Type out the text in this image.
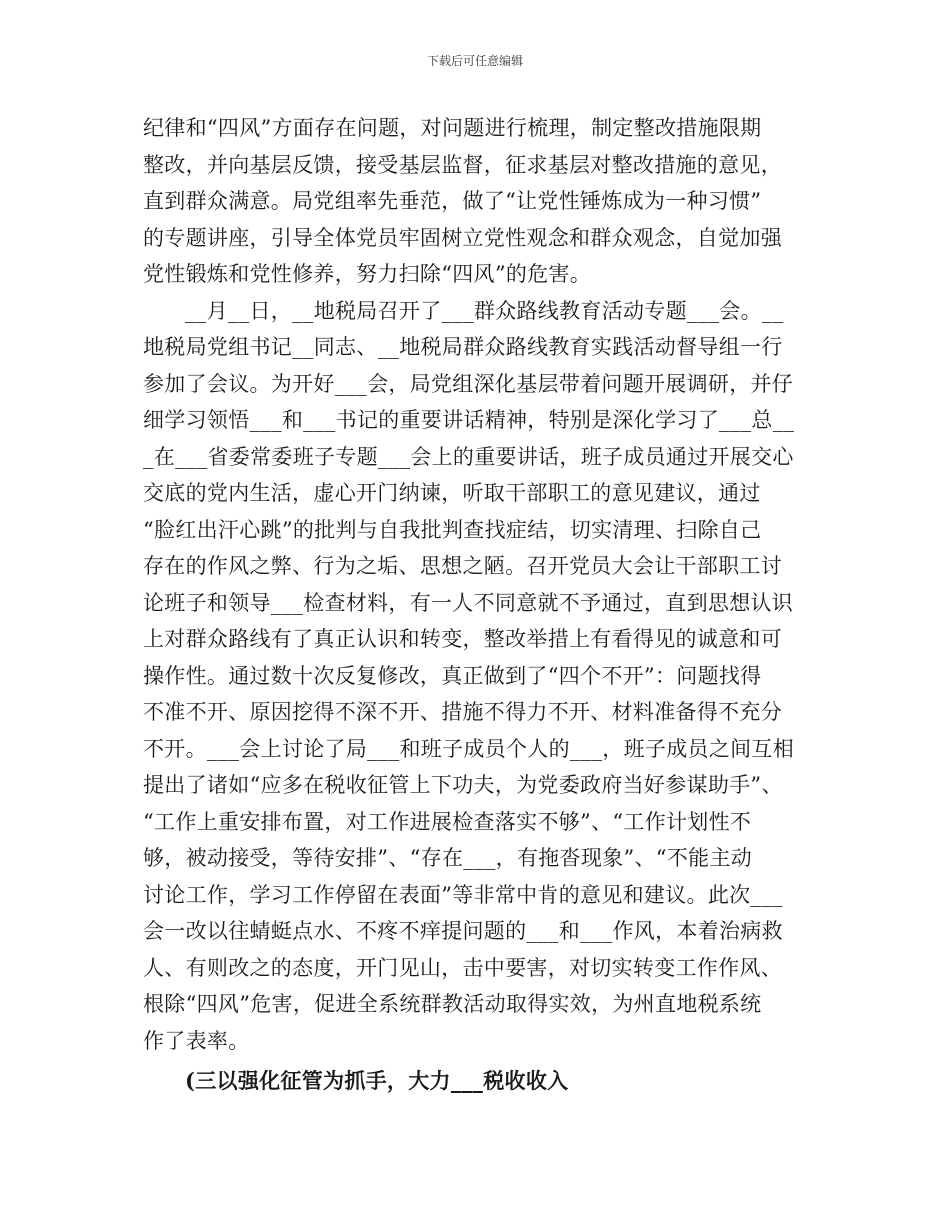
下载后可任意编辑
纪律和“四风”方面存在问题，对问题进行梳理，制定整改措施限期
整改，并向基层反馈，接受基层监督，征求基层对整改措施的意见，
直到群众满意。局党组率先垂范，做了“让党性锤炼成为一种习惯”
的专题讲座，引导全体党员牢固树立党性观念和群众观念，自觉加强
党性锻炼和党性修养，努力扫除“四风”的危害。
__月__日，__地税局召开了___群众路线教育活动专题___会。__
地税局党组书记__同志、__地税局群众路线教育实践活动督导组一行
参加了会议。为开好___会，局党组深化基层带着问题开展调研，并仔
细学习领悟___和___书记的重要讲话精神，特别是深化学习了___总__
_在___省委常委班子专题___会上的重要讲话，班子成员通过开展交心
交底的党内生活，虚心开门纳谏，听取干部职工的意见建议，通过
“脸红出汗心跳”的批判与自我批判查找症结，切实清理、扫除自己
存在的作风之弊、行为之垢、思想之陋。召开党员大会让干部职工讨
论班子和领导___检查材料，有一人不同意就不予通过，直到思想认识
上对群众路线有了真正认识和转变，整改举措上有看得见的诚意和可
操作性。通过数十次反复修改，真正做到了“四个不开”：问题找得
不准不开、原因挖得不深不开、措施不得力不开、材料准备得不充分
不开。___会上讨论了局___和班子成员个人的___，班子成员之间互相
提出了诸如“应多在税收征管上下功夫，为党委政府当好参谋助手”、
“工作上重安排布置，对工作进展检查落实不够”、“工作计划性不
够，被动接受，等待安排”、“存在___，有拖沓现象”、“不能主动
讨论工作，学习工作停留在表面”等非常中肯的意见和建议。此次___
会一改以往蜻蜓点水、不疼不痒提问题的___和___作风，本着治病救
人、有则改之的态度，开门见山，击中要害，对切实转变工作作风、
根除“四风”危害，促进全系统群教活动取得实效，为州直地税系统
作了表率。
(三以强化征管为抓手，大力___税收收入
